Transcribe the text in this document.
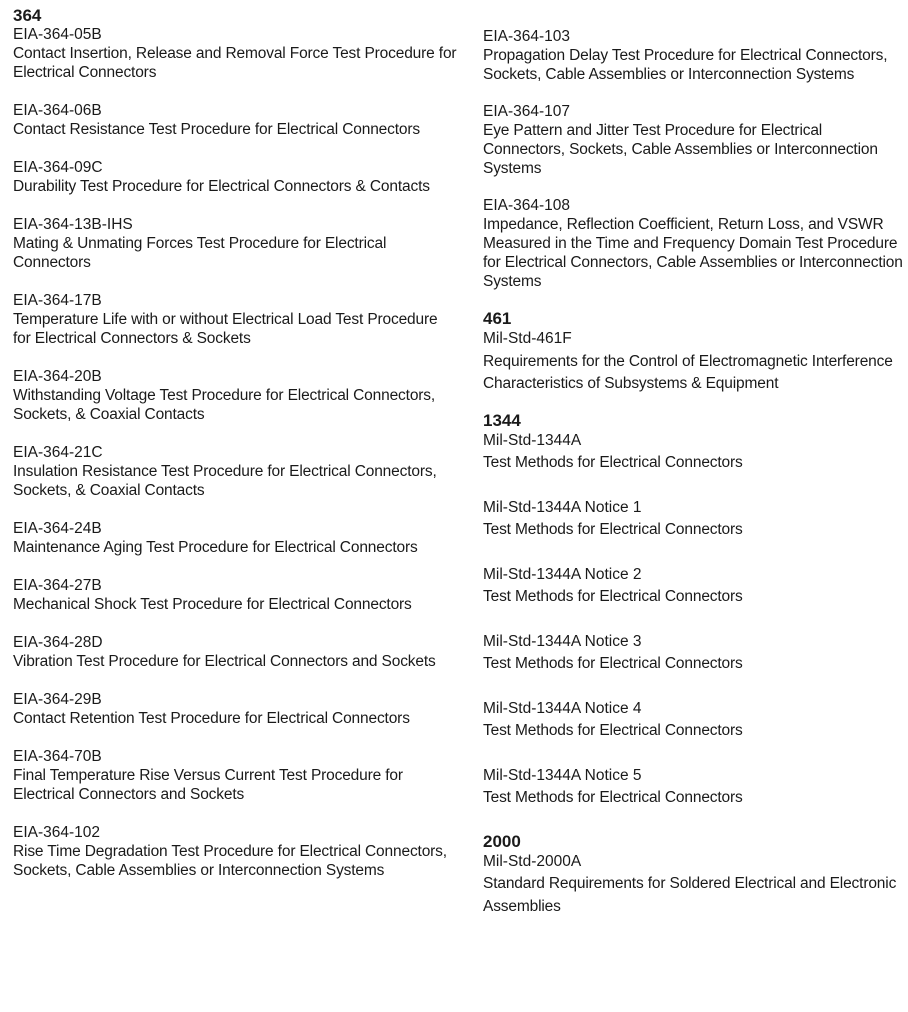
364
EIA-364-05B
Contact Insertion, Release and Removal Force Test Procedure for Electrical Connectors
EIA-364-06B
Contact Resistance Test Procedure for Electrical Connectors
EIA-364-09C
Durability Test Procedure for Electrical Connectors & Contacts
EIA-364-13B-IHS
Mating & Unmating Forces Test Procedure for Electrical Connectors
EIA-364-17B
Temperature Life with or without Electrical Load Test Procedure for Electrical Connectors & Sockets
EIA-364-20B
Withstanding Voltage Test Procedure for Electrical Connectors, Sockets, & Coaxial Contacts
EIA-364-21C
Insulation Resistance Test Procedure for Electrical Connectors, Sockets, & Coaxial Contacts
EIA-364-24B
Maintenance Aging Test Procedure for Electrical Connectors
EIA-364-27B
Mechanical Shock Test Procedure for Electrical Connectors
EIA-364-28D
Vibration Test Procedure for Electrical Connectors and Sockets
EIA-364-29B
Contact Retention Test Procedure for Electrical Connectors
EIA-364-70B
Final Temperature Rise Versus Current Test Procedure for Electrical Connectors and Sockets
EIA-364-102
Rise Time Degradation Test Procedure for Electrical Connectors, Sockets, Cable Assemblies or Interconnection Systems
EIA-364-103
Propagation Delay Test Procedure for Electrical Connectors, Sockets, Cable Assemblies or Interconnection Systems
EIA-364-107
Eye Pattern and Jitter Test Procedure for Electrical Connectors, Sockets, Cable Assemblies or Interconnection Systems
EIA-364-108
Impedance, Reflection Coefficient, Return Loss, and VSWR Measured in the Time and Frequency Domain Test Procedure for Electrical Connectors, Cable Assemblies or Interconnection Systems
461
Mil-Std-461F
Requirements for the Control of Electromagnetic Interference Characteristics of Subsystems & Equipment
1344
Mil-Std-1344A
Test Methods for Electrical Connectors
Mil-Std-1344A Notice 1
Test Methods for Electrical Connectors
Mil-Std-1344A Notice 2
Test Methods for Electrical Connectors
Mil-Std-1344A Notice 3
Test Methods for Electrical Connectors
Mil-Std-1344A Notice 4
Test Methods for Electrical Connectors
Mil-Std-1344A Notice 5
Test Methods for Electrical Connectors
2000
Mil-Std-2000A
Standard Requirements for Soldered Electrical and Electronic Assemblies
